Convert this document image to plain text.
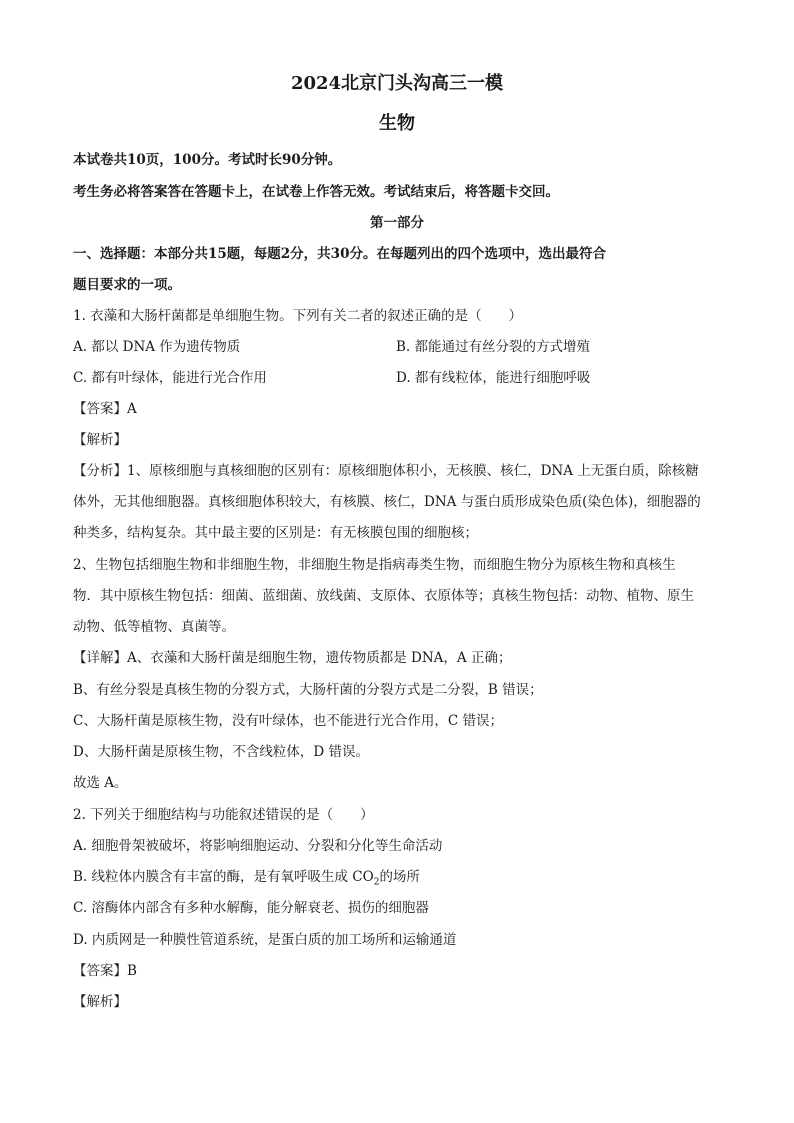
2024北京门头沟高三一模
生物
本试卷共10页，100分。考试时长90分钟。
考生务必将答案答在答题卡上，在试卷上作答无效。考试结束后，将答题卡交回。
第一部分
一、选择题：本部分共15题，每题2分，共30分。在每题列出的四个选项中，选出最符合
题目要求的一项。
1. 衣藻和大肠杆菌都是单细胞生物。下列有关二者的叙述正确的是（　　）
A. 都以 DNA 作为遗传物质	B. 都能通过有丝分裂的方式增殖
C. 都有叶绿体，能进行光合作用	D. 都有线粒体，能进行细胞呼吸
【答案】A
【解析】
【分析】1、原核细胞与真核细胞的区别有：原核细胞体积小，无核膜、核仁，DNA 上无蛋白质，除核糖
体外，无其他细胞器。真核细胞体积较大，有核膜、核仁，DNA 与蛋白质形成染色质(染色体)，细胞器的
种类多，结构复杂。其中最主要的区别是：有无核膜包围的细胞核；
2、生物包括细胞生物和非细胞生物，非细胞生物是指病毒类生物，而细胞生物分为原核生物和真核生
物．其中原核生物包括：细菌、蓝细菌、放线菌、支原体、衣原体等；真核生物包括：动物、植物、原生
动物、低等植物、真菌等。
【详解】A、衣藻和大肠杆菌是细胞生物，遗传物质都是 DNA，A 正确；
B、有丝分裂是真核生物的分裂方式，大肠杆菌的分裂方式是二分裂，B 错误；
C、大肠杆菌是原核生物，没有叶绿体，也不能进行光合作用，C 错误；
D、大肠杆菌是原核生物，不含线粒体，D 错误。
故选 A。
2. 下列关于细胞结构与功能叙述错误的是（　　）
A. 细胞骨架被破坏，将影响细胞运动、分裂和分化等生命活动
B. 线粒体内膜含有丰富的酶，是有氧呼吸生成 $CO_2$的场所
C. 溶酶体内部含有多种水解酶，能分解衰老、损伤的细胞器
D. 内质网是一种膜性管道系统，是蛋白质的加工场所和运输通道
【答案】B
【解析】
